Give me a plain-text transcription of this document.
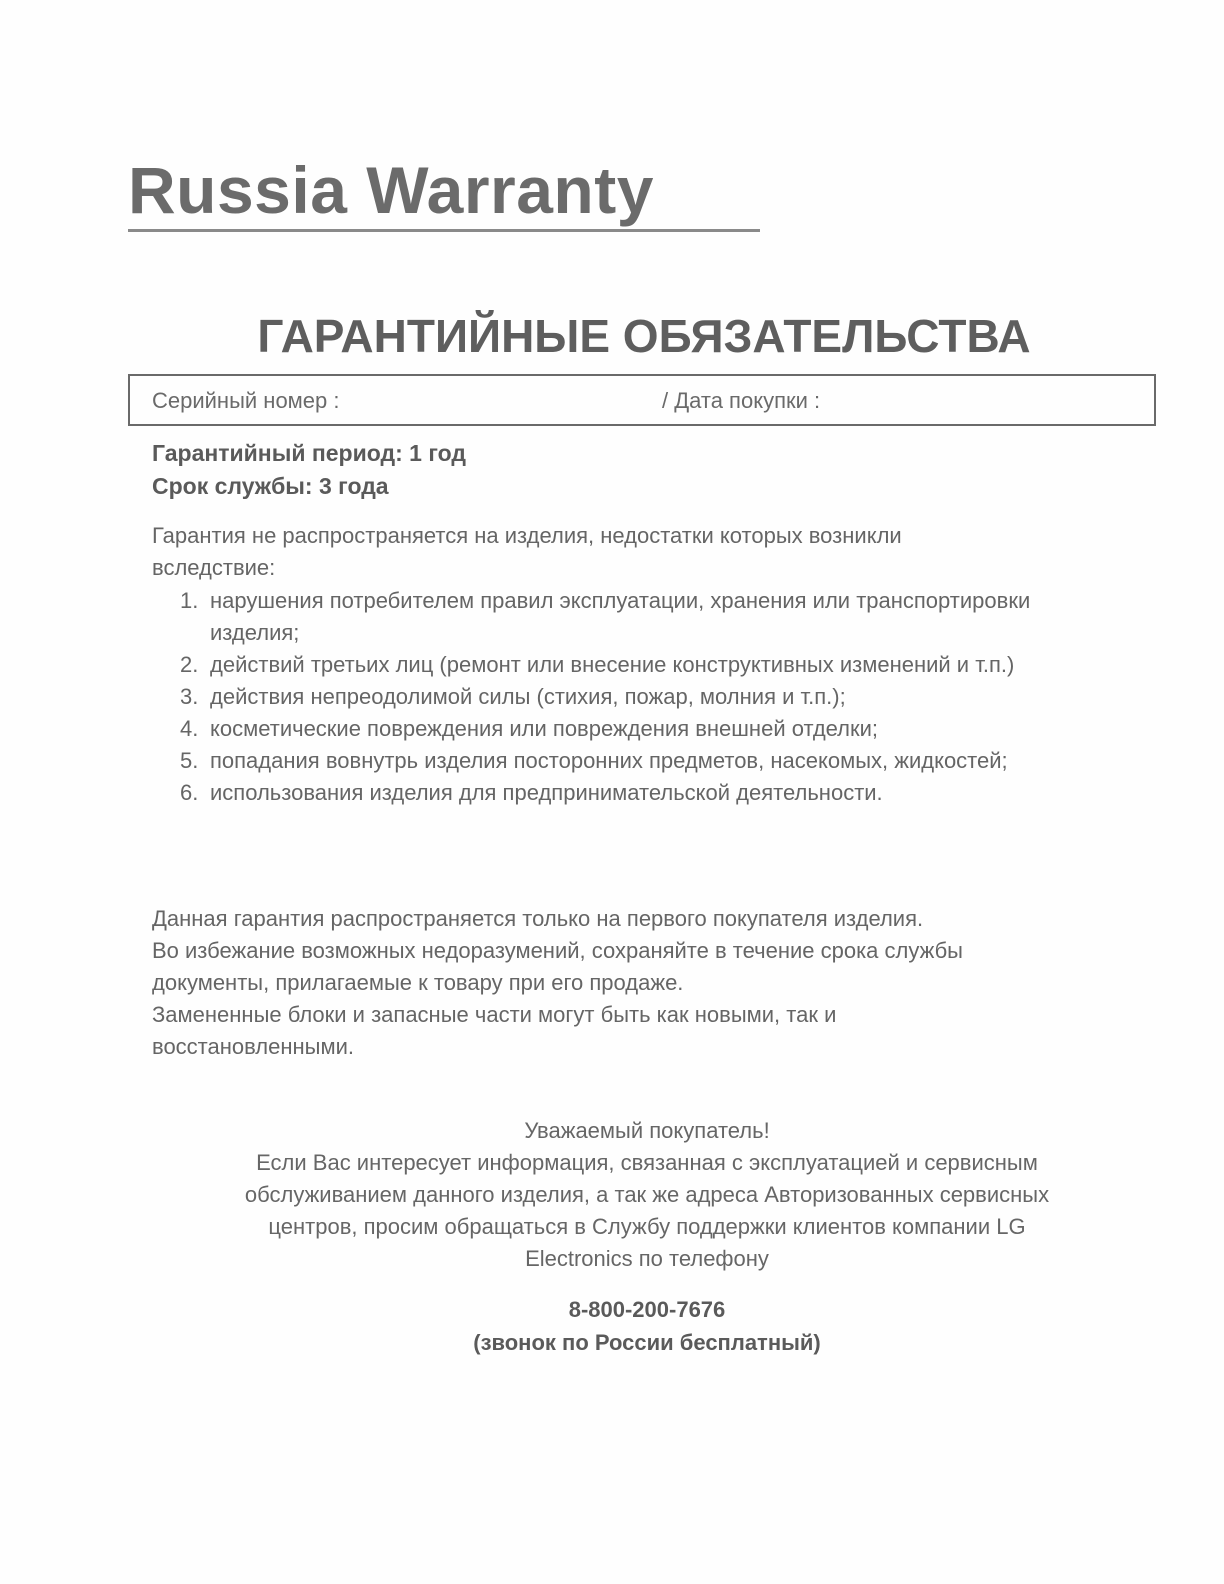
Russia Warranty
ГАРАНТИЙНЫЕ ОБЯЗАТЕЛЬСТВА
Серийный номер :	/ Дата покупки :
Гарантийный период: 1 год
Срок службы: 3 года
Гарантия не распространяется на изделия, недостатки которых возникли
вследствие:
1. нарушения потребителем правил эксплуатации, хранения или транспортировки изделия;
2. действий третьих лиц (ремонт или внесение конструктивных изменений и т.п.)
3. действия непреодолимой силы (стихия, пожар, молния и т.п.);
4. косметические повреждения или повреждения внешней отделки;
5. попадания вовнутрь изделия посторонних предметов, насекомых, жидкостей;
6. использования изделия для предпринимательской деятельности.
Данная гарантия распространяется только на первого покупателя изделия.
Во избежание возможных недоразумений, сохраняйте в течение срока службы
документы, прилагаемые к товару при его продаже.
Замененные блоки и запасные части могут быть как новыми, так и
восстановленными.
Уважаемый покупатель!
Если Вас интересует информация, связанная с эксплуатацией и сервисным
обслуживанием данного изделия, а так же адреса Авторизованных сервисных
центров, просим обращаться в Службу поддержки клиентов компании LG
Electronics по телефону
8-800-200-7676
(звонок по России бесплатный)
